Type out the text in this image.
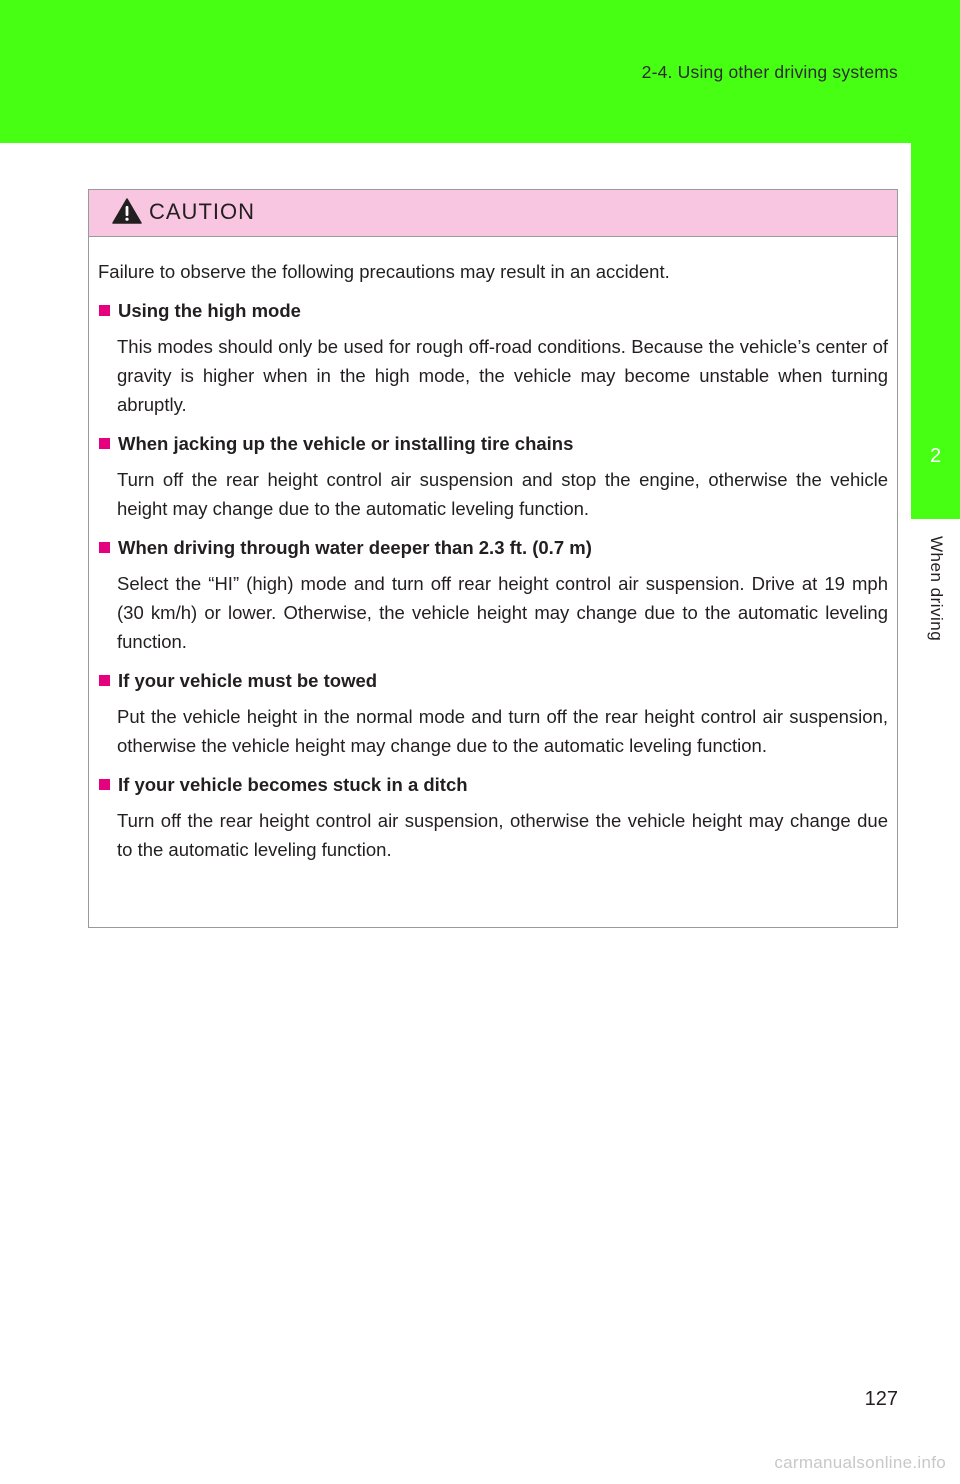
2-4. Using other driving systems
2
When driving
CAUTION

Failure to observe the following precautions may result in an accident.

Using the high mode

This modes should only be used for rough off-road conditions. Because the vehicle’s center of gravity is higher when in the high mode, the vehicle may become unstable when turning abruptly.

When jacking up the vehicle or installing tire chains

Turn off the rear height control air suspension and stop the engine, otherwise the vehicle height may change due to the automatic leveling function.

When driving through water deeper than 2.3 ft. (0.7 m)

Select the “HI” (high) mode and turn off rear height control air suspension. Drive at 19 mph (30 km/h) or lower. Otherwise, the vehicle height may change due to the automatic leveling function.

If your vehicle must be towed

Put the vehicle height in the normal mode and turn off the rear height control air suspension, otherwise the vehicle height may change due to the automatic leveling function.

If your vehicle becomes stuck in a ditch

Turn off the rear height control air suspension, otherwise the vehicle height may change due to the automatic leveling function.

127
carmanualsonline.info
